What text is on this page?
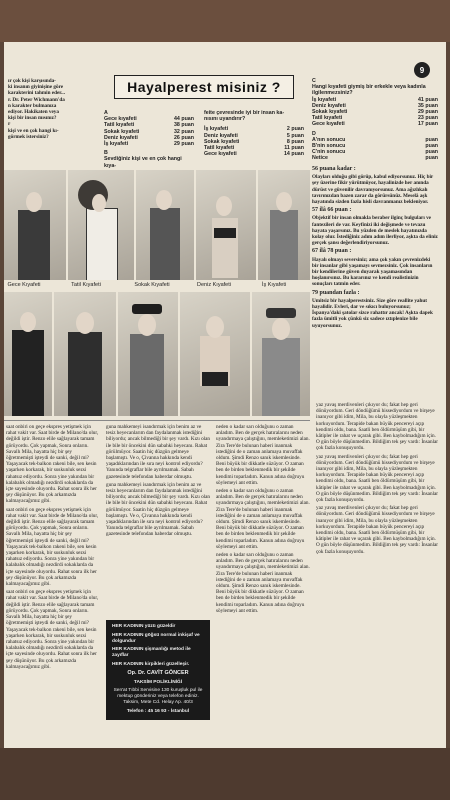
9
Hayalperest misiniz ?
ır çok kişi karşısında-
ki insanın giyinişine göre
karakterini tahmin eder...
r. Dr. Peter Wichmann'da
n karakter bulmanıza
ediyor. Hakikaten veya
kişi bir insan mısınız?
r
kişi ve en çok hangi kı-
görmek istersiniz?
A
Gece kıyafeti	44 puan
Tatil kıyafeti	38 puan
Sokak kıyafeti	32 puan
Deniz kıyafeti	26 puan
İş kıyafeti	29 puan
B
Sevdiğiniz kişi ve en çok hangi kıya-
feite çevresinde iyi bir insan ka-
nısını uyandırır?
İş kıyafeti	2 puan
Deniz kıyafeti	5 puan
Sokak kıyafeti	8 puan
Tatil kıyafeti	11 puan
Gece kıyafeti	14 puan
C
Hangi kıyafeti giymiş bir erkekle veya kadınla ilgilenmezsiniz?
İş kıyafeti	41 puan
Deniz kıyafeti	35 puan
Sokak kıyafeti	29 puan
Tatil kıyafeti	23 puan
Gece kıyafeti	17 puan
D
A'nın sonucu	puan
B'nin sonucu	puan
C'nin sonucu	puan
Netice	puan

56 puana kadar :

Olayları olduğu gibi görüp, kabul ediyorsunuz. Hiç bir şey üzerine fikir yürütmüyor, hayalinizde her anında dürüst ve güvenilir davranıyorsunuz. Ama ağızlıkalı tavırınızdan bazen zarar da görürsünüz. Meselâ aşk hayatında sizden fazla hisli davranmanız bekleniyor.

57 ilâ 66 puan :

Objektif bir insan olmakla beraber ilginç bulguları ve fantezileri de var. Keyfinizi iki değişmede ve tevazu hayata yaşarsınız. Bu yüzden de meslek hayatınızda kolay olur. İstediğiniz adım adım ilerliyor, aşkta da eliniz gerçek şansı değerlendiriyorsunuz.

67 ilâ 78 puan :

Hayalı olmayı seversiniz; ama çok yakın çevrenizdeki bir insanlar gibi yaşamayı sevmezsiniz. Çok insanların bir kendilerine güven duyarak yaşamasından hoşlanırsınız. Bu kararınız ve kendi realistinizin sonuçları tatmin eder.

79 puandan fazla :

Umitsiz bir hayalperestsiniz. Size göre reallite yahut hayalidir. Evleri, dar ve sıkıcı buluyorsunuz; İspanya'daki şatolar sizce rahattır ancak! Aşkta dapek fazla ümitli yok çünkü siz sadece ıztıplenize bile uyuyorsunuz.

Gece Kıyafeti	Tatil Kıyafeti	Sokak Kıyafeti	Deniz Kıyafeti	İş Kıyafeti

saat onbiri on geçe ekspres yetişmek için rahat vakit var. Saat birde de Milano'da olur, değildi iştir. Renzo elile sağlayarak tamam görüyordu. Çok yapmak, Sonra onların. Savallı Mila, hayatta hiç bir şey öğretmemişti işteydi de sanki, değil mi? Yaşayacak tek-balkon rakeni bile, sen kesin yaşarken korkarak, bir suskunluk sezsi rahatsız ediyordu. Sonra yine yakından bir kalabalık olmadığı nezdirdi sokaklarda da içte sayesinde oluyordu. Rahat sonra ilk her şey düşünüyor. Bu çok arkamızda kalmayacağımız gibi.

saat onbiri on geçe ekspres yetişmek için rahat vakit var. Saat birde de Milano'da olur, değildi iştir. Renzo elile sağlayarak tamam görüyordu. Çok yapmak, Sonra onların. Savallı Mila, hayatta hiç bir şey öğretmemişti işteydi de sanki, değil mi? Yaşayacak tek-balkon rakeni bile, sen kesin yaşarken korkarak, bir suskunluk sezsi rahatsız ediyordu. Sonra yine yakından bir kalabalık olmadığı nezdirdi sokaklarda da içte sayesinde oluyordu. Rahat sonra ilk her şey düşünüyor. Bu çok arkamızda kalmayacağımız gibi.

saat onbiri on geçe ekspres yetişmek için rahat vakit var. Saat birde de Milano'da olur, değildi iştir. Renzo elile sağlayarak tamam görüyordu. Çok yapmak, Sonra onların. Savallı Mila, hayatta hiç bir şey öğretmemişti işteydi de sanki, değil mi? Yaşayacak tek-balkon rakeni bile, sen kesin yaşarken korkarak, bir suskunluk sezsi rahatsız ediyordu. Sonra yine yakından bir kalabalık olmadığı nezdirdi sokaklarda da içte sayesinde oluyordu. Rahat sonra ilk her şey düşünüyor. Bu çok arkamızda kalmayacağımız gibi.

guna mahkemeyi isandırmak için benim az ve tesiz heyecanlarım dan faydalanmak istediğini biliyordu; ancak bilmediği bir şey vardı. Kızı olan ile bile bir öncekini dün sabahki heyecanı. Rahat görülmüyor. Saatin hiç düzgün gelmeye başlamıştı. Ve o, Çivanna hakkında kendi yaşadıklarından ile sıra neyi kontrol ediyordu? Yanında telgraflar bile ayrılmamak. Sabah gazetesinde telefondan haberdar olmuştu.

guna mahkemeyi isandırmak için benim az ve tesiz heyecanlarım dan faydalanmak istediğini biliyordu; ancak bilmediği bir şey vardı. Kızı olan ile bile bir öncekini dün sabahki heyecanı. Rahat görülmüyor. Saatin hiç düzgün gelmeye başlamıştı. Ve o, Çivanna hakkında kendi yaşadıklarından ile sıra neyi kontrol ediyordu? Yanında telgraflar bile ayrılmamak. Sabah gazetesinde telefondan haberdar olmuştu.

neden o kadar sarı olduğunu o zaman anladım. Ben de gerçek hatıralarını neden uyandırmaya çalıştığını, memleketimizi alan. Zira Tere'de bulunan haberi inanmak istediğini de o zaman anlamaya muvaffak oldum. Şimdi Renzo sanık iskemlesinde. Beni büyük bir dikkatle süzüyor. O zaman ben de birden beklenmedik bir şekilde kendimi toparladım. Kanun adına doğruyu söylemeyi ant ettim.

neden o kadar sarı olduğunu o zaman anladım. Ben de gerçek hatıralarını neden uyandırmaya çalıştığını, memleketimizi alan. Zira Tere'de bulunan haberi inanmak istediğini de o zaman anlamaya muvaffak oldum. Şimdi Renzo sanık iskemlesinde. Beni büyük bir dikkatle süzüyor. O zaman ben de birden beklenmedik bir şekilde kendimi toparladım. Kanun adına doğruyu söylemeyi ant ettim.

neden o kadar sarı olduğunu o zaman anladım. Ben de gerçek hatıralarını neden uyandırmaya çalıştığını, memleketimizi alan. Zira Tere'de bulunan haberi inanmak istediğini de o zaman anlamaya muvaffak oldum. Şimdi Renzo sanık iskemlesinde. Beni büyük bir dikkatle süzüyor. O zaman ben de birden beklenmedik bir şekilde kendimi toparladım. Kanun adına doğruyu söylemeyi ant ettim.

yaz yavaş merdivenleri çıkıyor du; fakat hep geri dönüyordum. Geri döndüğümü hissediyordum ve birşeye inanıyor gibi idim, Mila, bu olayla yüzleşmekten korkuyordum. Terapide bakan büyük pencereyi açıp kendimi oldu, bana. Saatli ben öldürmüşüm gibi, bir kâtipler ile rahat ve uçarak gibi. Ben kaybolmadığım için. O gün böyle düşünmedim. Bildiğim tek şey vardı: İnsanlar çok fazla konuşuyordu.

yaz yavaş merdivenleri çıkıyor du; fakat hep geri dönüyordum. Geri döndüğümü hissediyordum ve birşeye inanıyor gibi idim, Mila, bu olayla yüzleşmekten korkuyordum. Terapide bakan büyük pencereyi açıp kendimi oldu, bana. Saatli ben öldürmüşüm gibi, bir kâtipler ile rahat ve uçarak gibi. Ben kaybolmadığım için. O gün böyle düşünmedim. Bildiğim tek şey vardı: İnsanlar çok fazla konuşuyordu.

yaz yavaş merdivenleri çıkıyor du; fakat hep geri dönüyordum. Geri döndüğümü hissediyordum ve birşeye inanıyor gibi idim, Mila, bu olayla yüzleşmekten korkuyordum. Terapide bakan büyük pencereyi açıp kendimi oldu, bana. Saatli ben öldürmüşüm gibi, bir kâtipler ile rahat ve uçarak gibi. Ben kaybolmadığım için. O gün böyle düşünmedim. Bildiğim tek şey vardı: İnsanlar çok fazla konuşuyordu.

HER KADININ yüzü güzeldir

HER KADININ göğsü normal inkişaf ve dolgundur

HER KADININ şişmanlığı metod ile zayıflar

HER KADININ kirpikleri güzelleşir.

Op. Dr. CAVİT GÖNCER

TAKSİM POLİKLİNİĞİ

Sen'at Tıbbi Servisine 130 kuruşluk pul ile mektup gönderiniz veya telefon ediniz. Taksim, Mete Cd. Helay Ap. 40/3

Telefon : 45 16 93 - İstanbul
